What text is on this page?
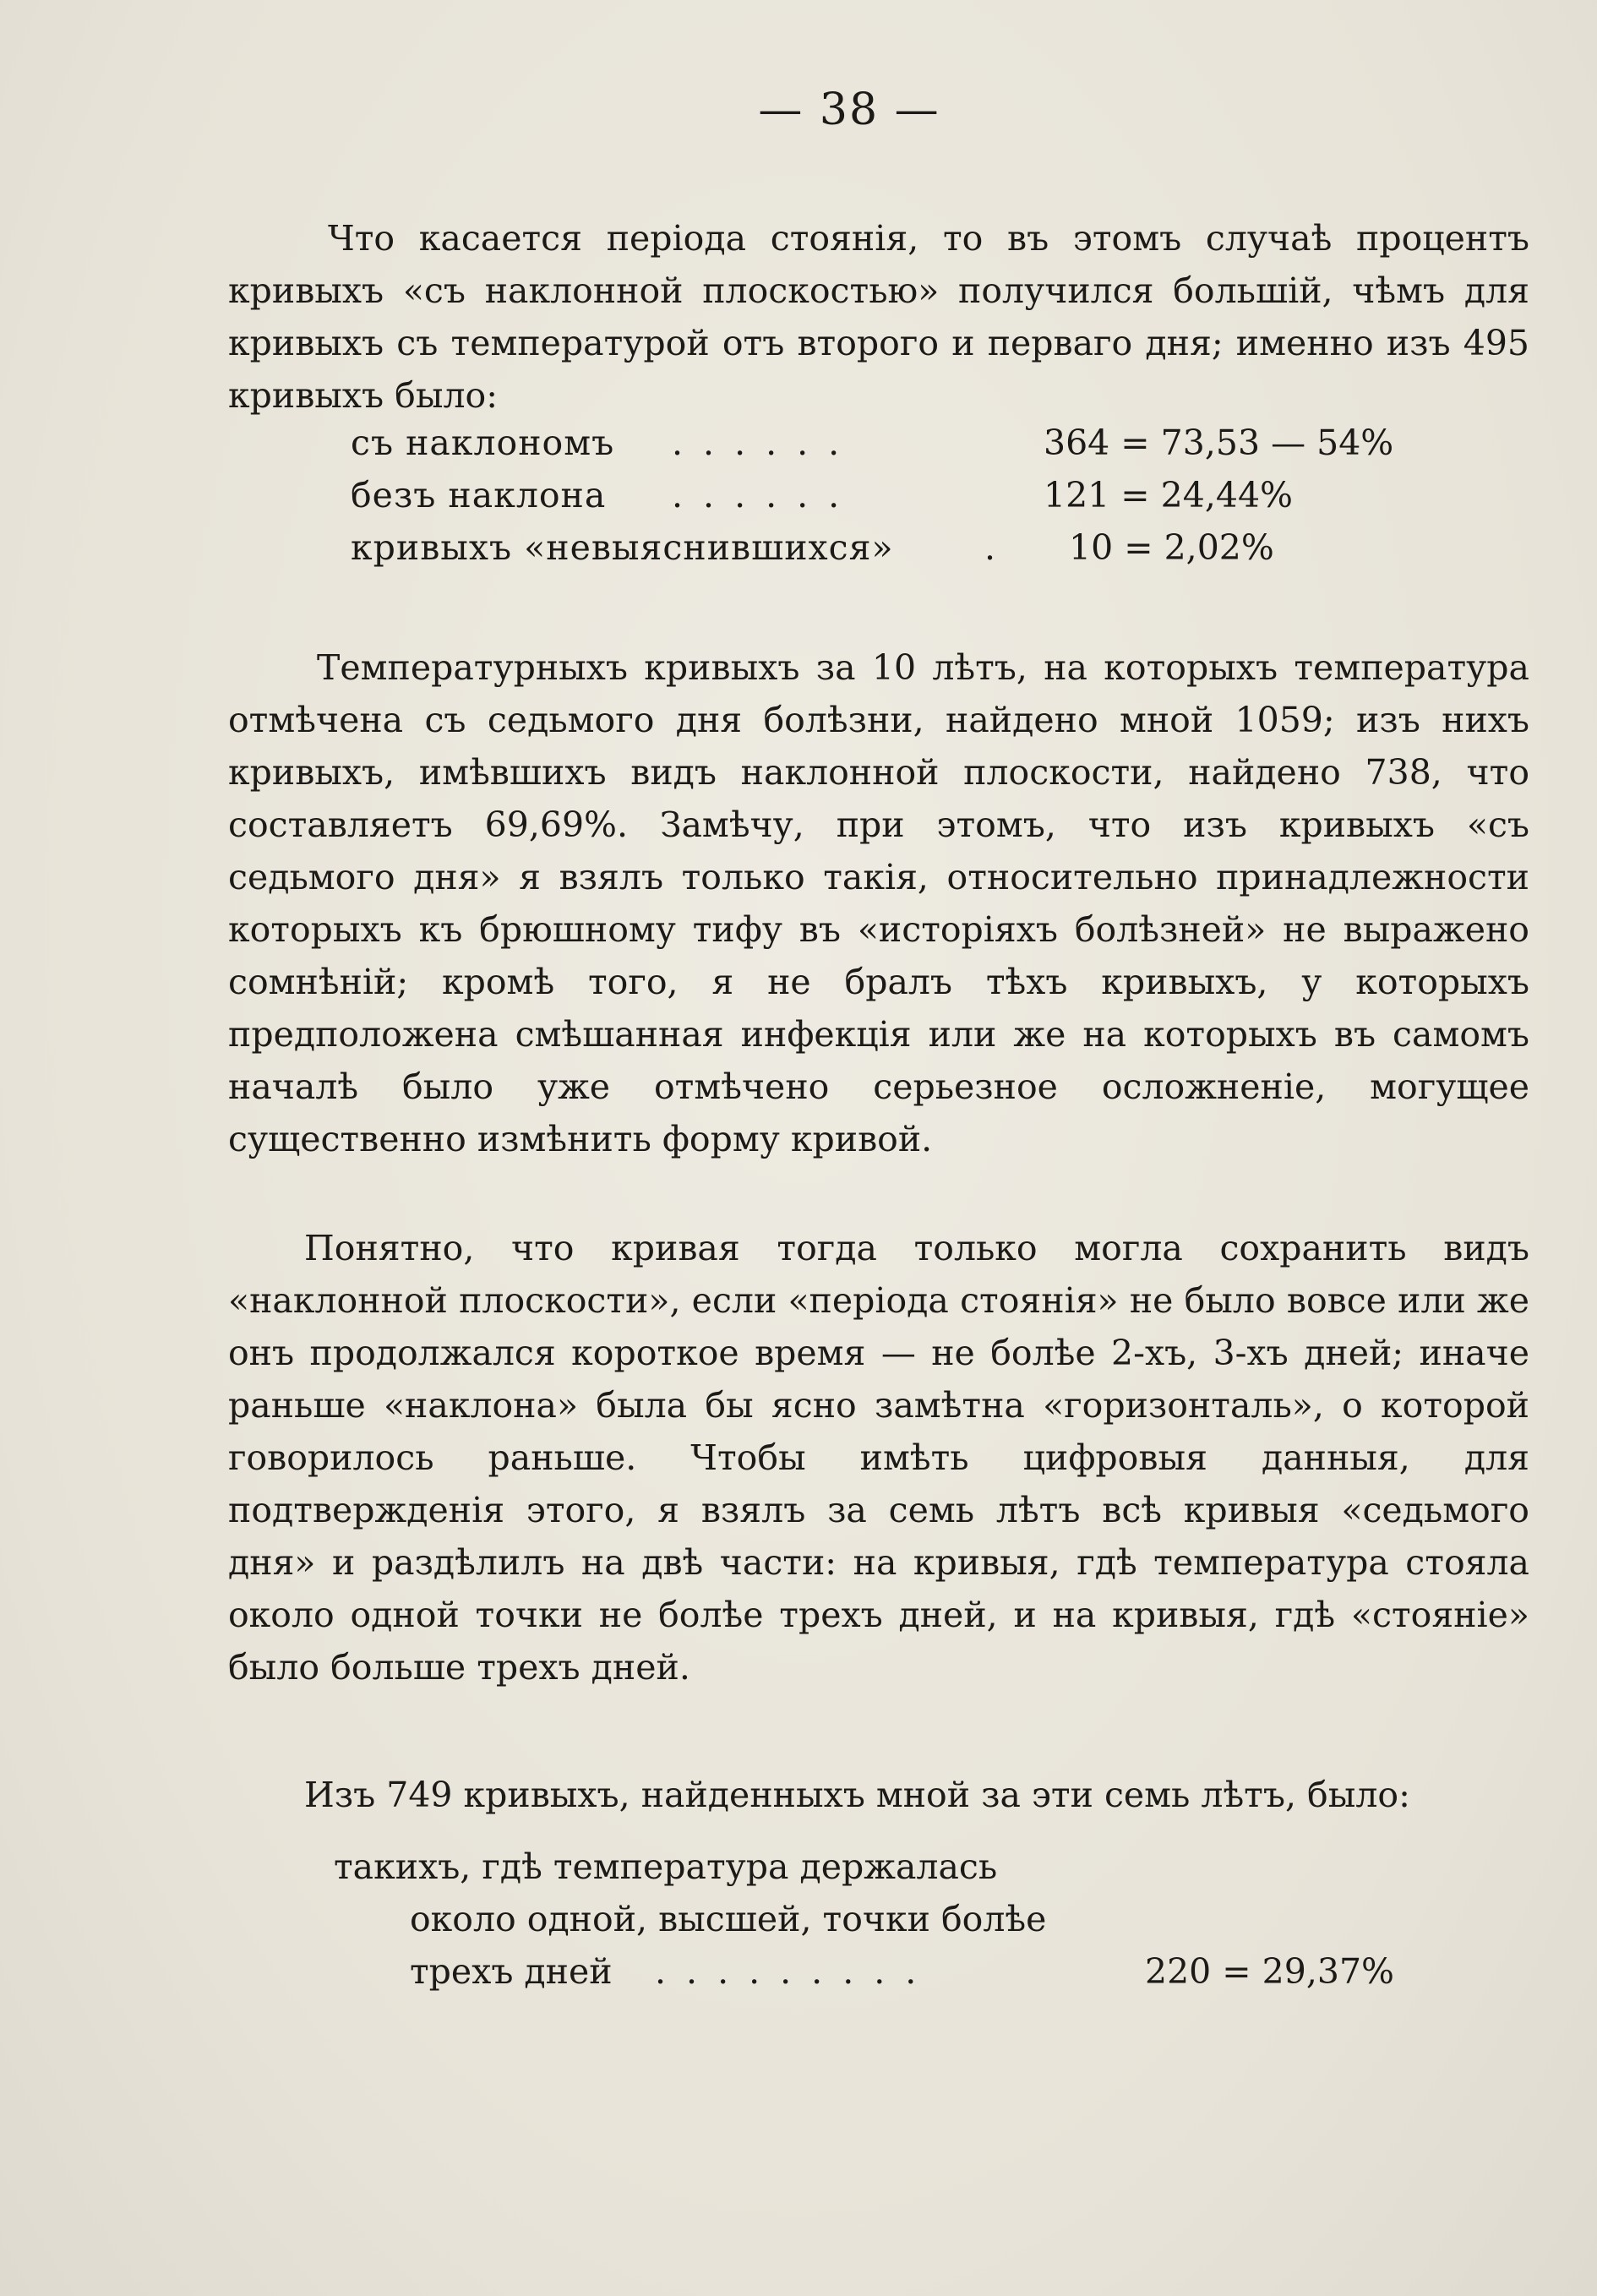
— 38 —

Что касается періода стоянія, то въ этомъ случаѣ процентъ кривыхъ «съ наклонной плоскостью» получился большій, чѣмъ для кривыхъ съ температурой отъ второго и перваго дня; именно изъ 495 кривыхъ было:

съ наклономъ ......	364 = 73,53 — 54%
безъ наклона ......	121 = 24,44%
кривыхъ «невыяснившихся»	.	10 = 2,02%

Температурныхъ кривыхъ за 10 лѣтъ, на которыхъ температура отмѣчена съ седьмого дня болѣзни, найдено мной 1059; изъ нихъ кривыхъ, имѣвшихъ видъ наклонной плоскости, найдено 738, что составляетъ 69,69%. Замѣчу, при этомъ, что изъ кривыхъ «съ седьмого дня» я взялъ только такія, относительно принадлежности которыхъ къ брюшному тифу въ «исторіяхъ болѣзней» не выражено сомнѣній; кромѣ того, я не бралъ тѣхъ кривыхъ, у которыхъ предположена смѣшанная инфекція или же на которыхъ въ самомъ началѣ было уже отмѣчено серьезное осложненіе, могущее существенно измѣнить форму кривой.

Понятно, что кривая тогда только могла сохранить видъ «наклонной плоскости», если «періода стоянія» не было вовсе или же онъ продолжался короткое время — не болѣе 2-хъ, 3-хъ дней; иначе раньше «наклона» была бы ясно замѣтна «горизонталь», о которой говорилось раньше. Чтобы имѣть цифровыя данныя, для подтвержденія этого, я взялъ за семь лѣтъ всѣ кривыя «седьмого дня» и раздѣлилъ на двѣ части: на кривыя, гдѣ температура стояла около одной точки не болѣе трехъ дней, и на кривыя, гдѣ «стояніе» было больше трехъ дней.

Изъ 749 кривыхъ, найденныхъ мной за эти семь лѣтъ, было:

такихъ, гдѣ температура держалась
около одной, высшей, точки болѣе
трехъ дней .........	220 = 29,37%
